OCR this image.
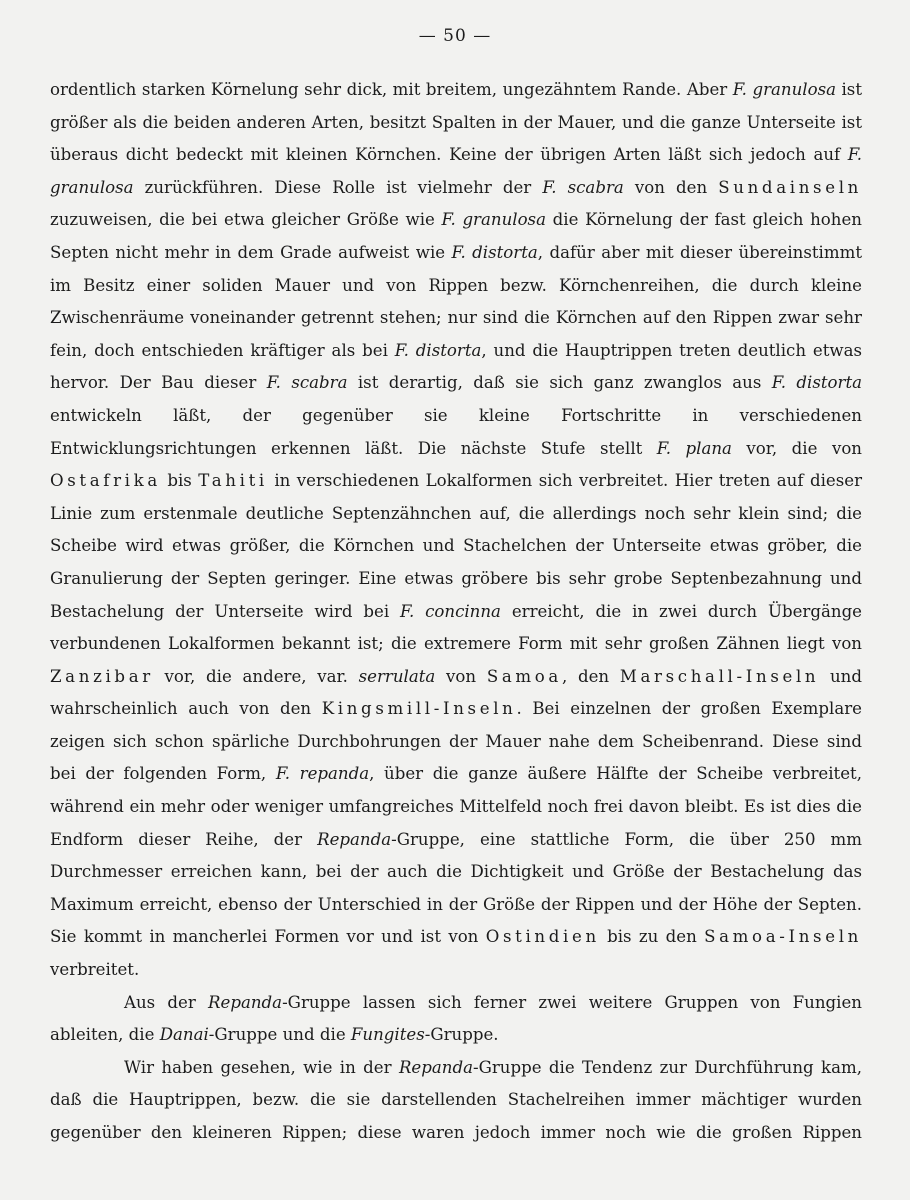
— 50 —

ordentlich starken Körnelung sehr dick, mit breitem, ungezähntem Rande. Aber F. granulosa ist größer als die beiden anderen Arten, besitzt Spalten in der Mauer, und die ganze Unterseite ist überaus dicht bedeckt mit kleinen Körnchen. Keine der übrigen Arten läßt sich jedoch auf F. granulosa zurückführen. Diese Rolle ist vielmehr der F. scabra von den Sundainseln zuzuweisen, die bei etwa gleicher Größe wie F. granulosa die Körnelung der fast gleich hohen Septen nicht mehr in dem Grade aufweist wie F. distorta, dafür aber mit dieser übereinstimmt im Besitz einer soliden Mauer und von Rippen bezw. Körnchenreihen, die durch kleine Zwischenräume voneinander getrennt stehen; nur sind die Körnchen auf den Rippen zwar sehr fein, doch entschieden kräftiger als bei F. distorta, und die Hauptrippen treten deutlich etwas hervor. Der Bau dieser F. scabra ist derartig, daß sie sich ganz zwanglos aus F. distorta entwickeln läßt, der gegenüber sie kleine Fortschritte in verschiedenen Entwicklungsrichtungen erkennen läßt. Die nächste Stufe stellt F. plana vor, die von Ostafrika bis Tahiti in verschiedenen Lokalformen sich verbreitet. Hier treten auf dieser Linie zum erstenmale deutliche Septenzähnchen auf, die allerdings noch sehr klein sind; die Scheibe wird etwas größer, die Körnchen und Stachelchen der Unterseite etwas gröber, die Granulierung der Septen geringer. Eine etwas gröbere bis sehr grobe Septenbezahnung und Bestachelung der Unterseite wird bei F. concinna erreicht, die in zwei durch Übergänge verbundenen Lokalformen bekannt ist; die extremere Form mit sehr großen Zähnen liegt von Zanzibar vor, die andere, var. serrulata von Samoa, den Marschall-Inseln und wahrscheinlich auch von den Kingsmill-Inseln. Bei einzelnen der großen Exemplare zeigen sich schon spärliche Durchbohrungen der Mauer nahe dem Scheibenrand. Diese sind bei der folgenden Form, F. repanda, über die ganze äußere Hälfte der Scheibe verbreitet, während ein mehr oder weniger umfangreiches Mittelfeld noch frei davon bleibt. Es ist dies die Endform dieser Reihe, der Repanda-Gruppe, eine stattliche Form, die über 250 mm Durchmesser erreichen kann, bei der auch die Dichtigkeit und Größe der Bestachelung das Maximum erreicht, ebenso der Unterschied in der Größe der Rippen und der Höhe der Septen. Sie kommt in mancherlei Formen vor und ist von Ostindien bis zu den Samoa-Inseln verbreitet.

Aus der Repanda-Gruppe lassen sich ferner zwei weitere Gruppen von Fungien ableiten, die Danai-Gruppe und die Fungites-Gruppe.

Wir haben gesehen, wie in der Repanda-Gruppe die Tendenz zur Durchführung kam, daß die Hauptrippen, bezw. die sie darstellenden Stachelreihen immer mächtiger wurden gegenüber den kleineren Rippen; diese waren jedoch immer noch wie die großen Rippen
